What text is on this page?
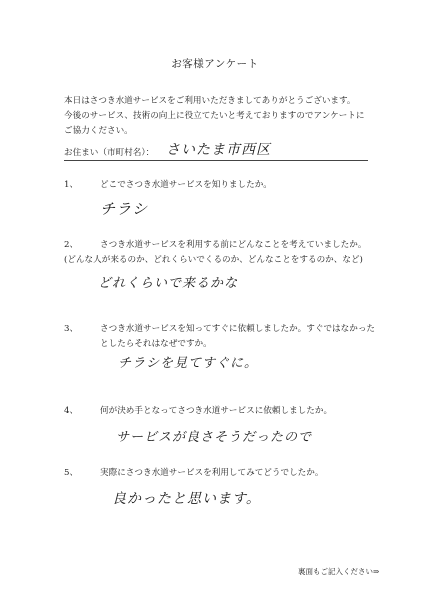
お客様アンケート
本日はさつき水道サービスをご利用いただきましてありがとうございます。
今後のサービス、技術の向上に役立てたいと考えておりますのでアンケートに
ご協力ください。
お住まい（市町村名）： さいたま市西区
1、	どこでさつき水道サービスを知りましたか。
チラシ
2、	さつき水道サービスを利用する前にどんなことを考えていましたか。
(どんな人が来るのか、どれくらいでくるのか、どんなことをするのか、など)
どれくらいで来るかな
3、	さつき水道サービスを知ってすぐに依頼しましたか。すぐではなかった
としたらそれはなぜですか。
チラシを見てすぐに。
4、	何が決め手となってさつき水道サービスに依頼しましたか。
サービスが良さそうだったので
5、	実際にさつき水道サービスを利用してみてどうでしたか。
良かったと思います。
裏面もご記入ください⇒
